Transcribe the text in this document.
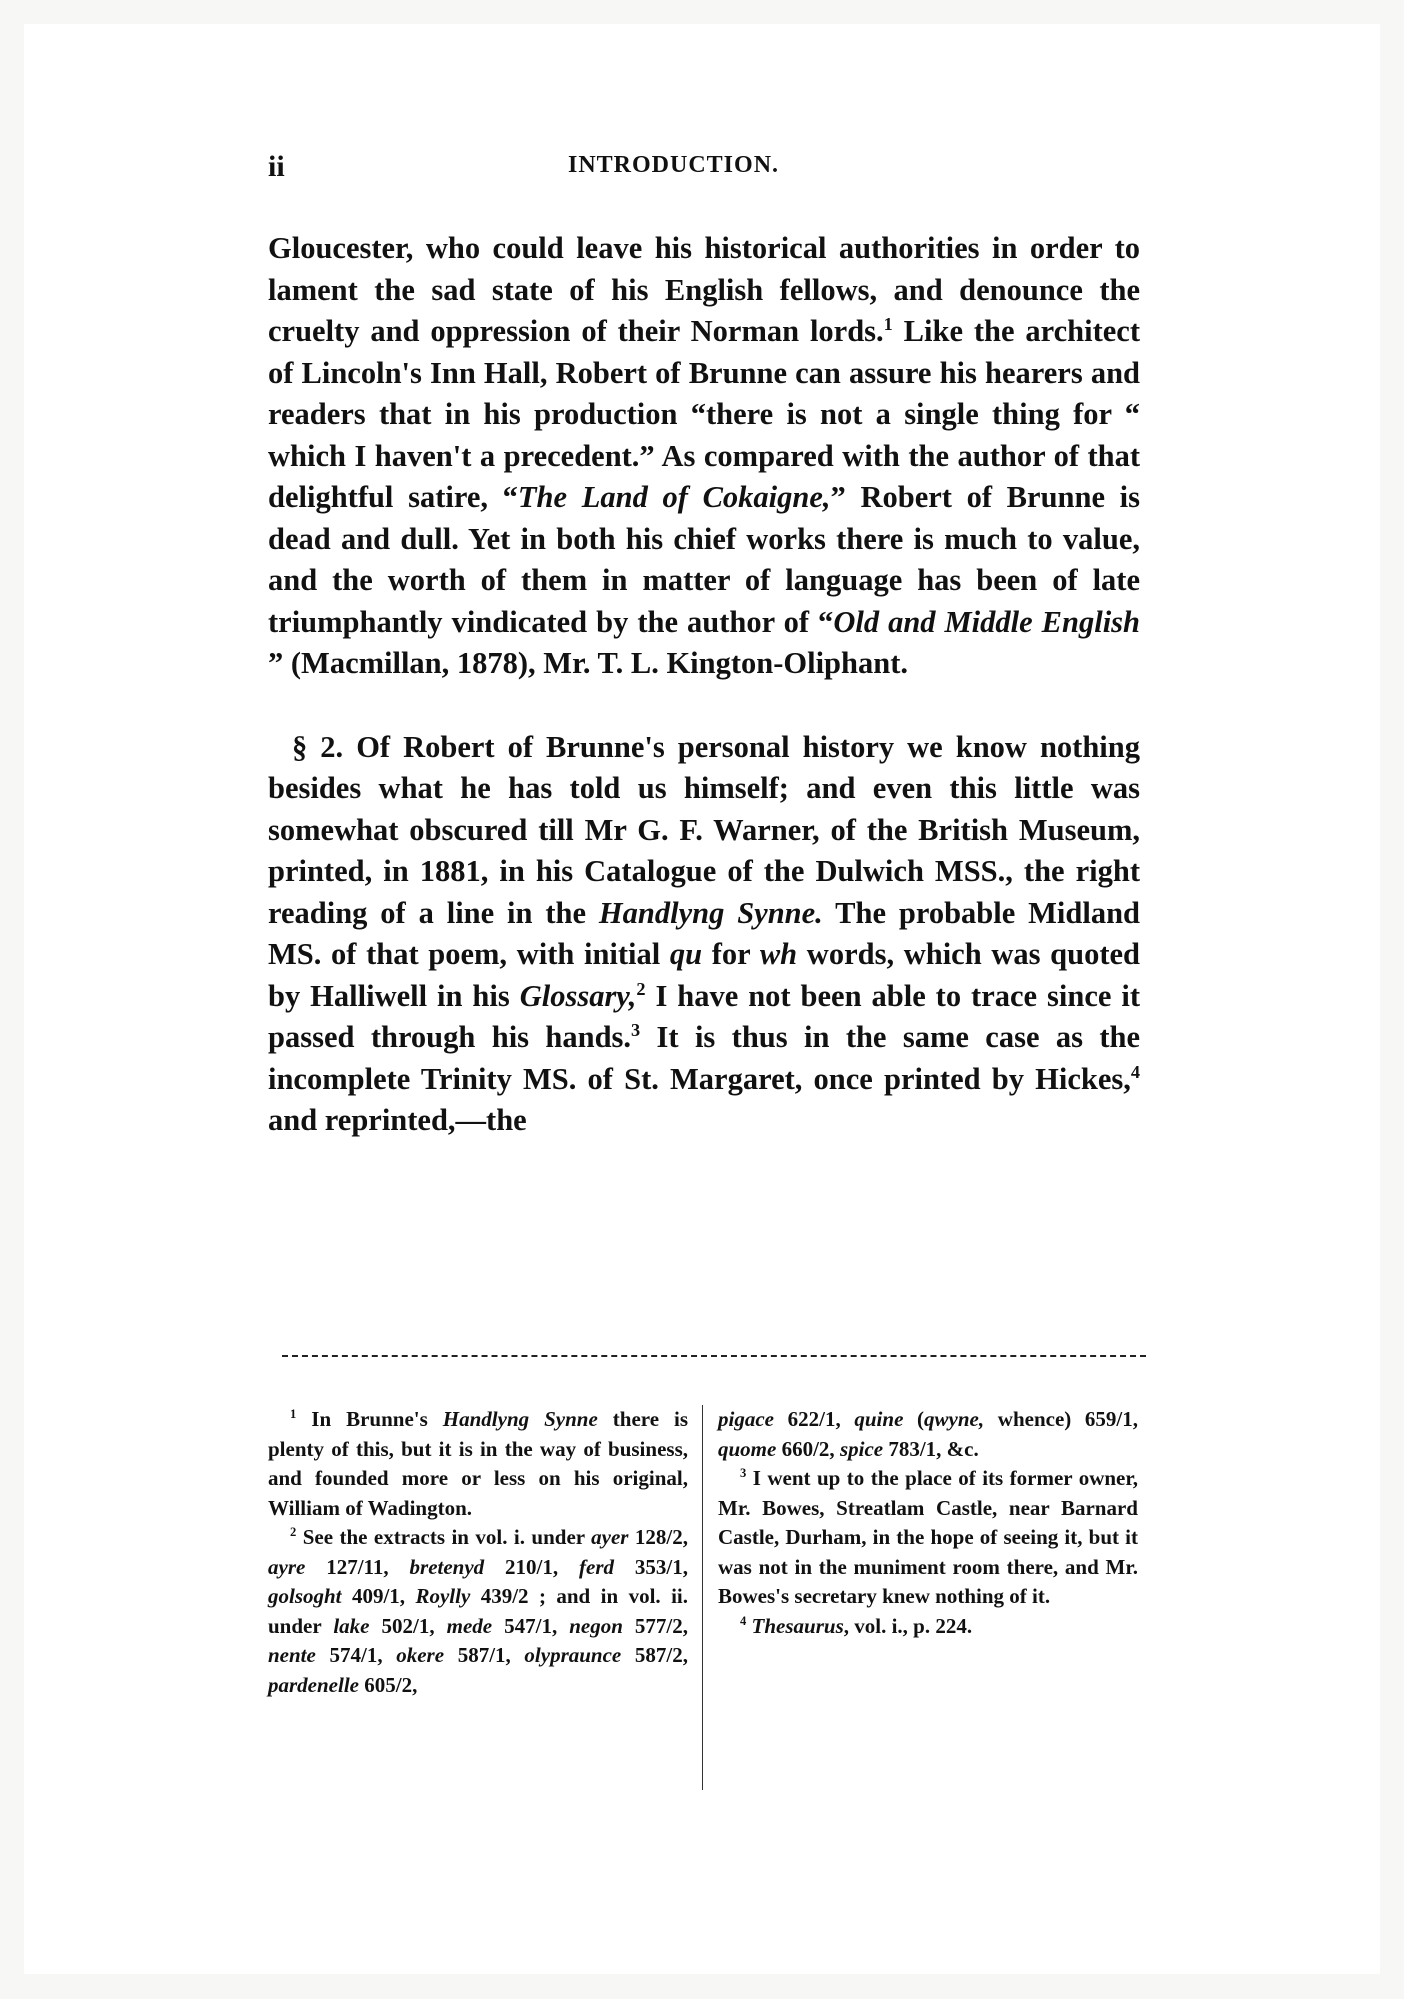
ii	INTRODUCTION.

Gloucester, who could leave his historical authorities in order to lament the sad state of his English fellows, and denounce the cruelty and oppression of their Norman lords.$^1$ Like the architect of Lincoln's Inn Hall, Robert of Brunne can assure his hearers and readers that in his production “there is not a single thing for “ which I haven't a precedent.” As compared with the author of that delightful satire, “The Land of Cokaigne,” Robert of Brunne is dead and dull. Yet in both his chief works there is much to value, and the worth of them in matter of language has been of late triumphantly vindicated by the author of “Old and Middle English ” (Macmillan, 1878), Mr. T. L. Kington-Oliphant.

§ 2. Of Robert of Brunne's personal history we know nothing besides what he has told us himself; and even this little was somewhat obscured till Mr G. F. Warner, of the British Museum, printed, in 1881, in his Catalogue of the Dulwich MSS., the right reading of a line in the Handlyng Synne. The probable Midland MS. of that poem, with initial qu for wh words, which was quoted by Halliwell in his Glossary,$^2$ I have not been able to trace since it passed through his hands.$^3$ It is thus in the same case as the incomplete Trinity MS. of St. Margaret, once printed by Hickes,$^4$ and reprinted,—the

$^1$ In Brunne's Handlyng Synne there is plenty of this, but it is in the way of business, and founded more or less on his original, William of Wadington.

$^2$ See the extracts in vol. i. under ayer 128/2, ayre 127/11, bretenyd 210/1, ferd 353/1, golsoght 409/1, Roylly 439/2 ; and in vol. ii. under lake 502/1, mede 547/1, negon 577/2, nente 574/1, okere 587/1, olypraunce 587/2, pardenelle 605/2,

pigace 622/1, quine (qwyne, whence) 659/1, quome 660/2, spice 783/1, &c.

$^3$ I went up to the place of its former owner, Mr. Bowes, Streatlam Castle, near Barnard Castle, Durham, in the hope of seeing it, but it was not in the muniment room there, and Mr. Bowes's secretary knew nothing of it.

$^4$ Thesaurus, vol. i., p. 224.
